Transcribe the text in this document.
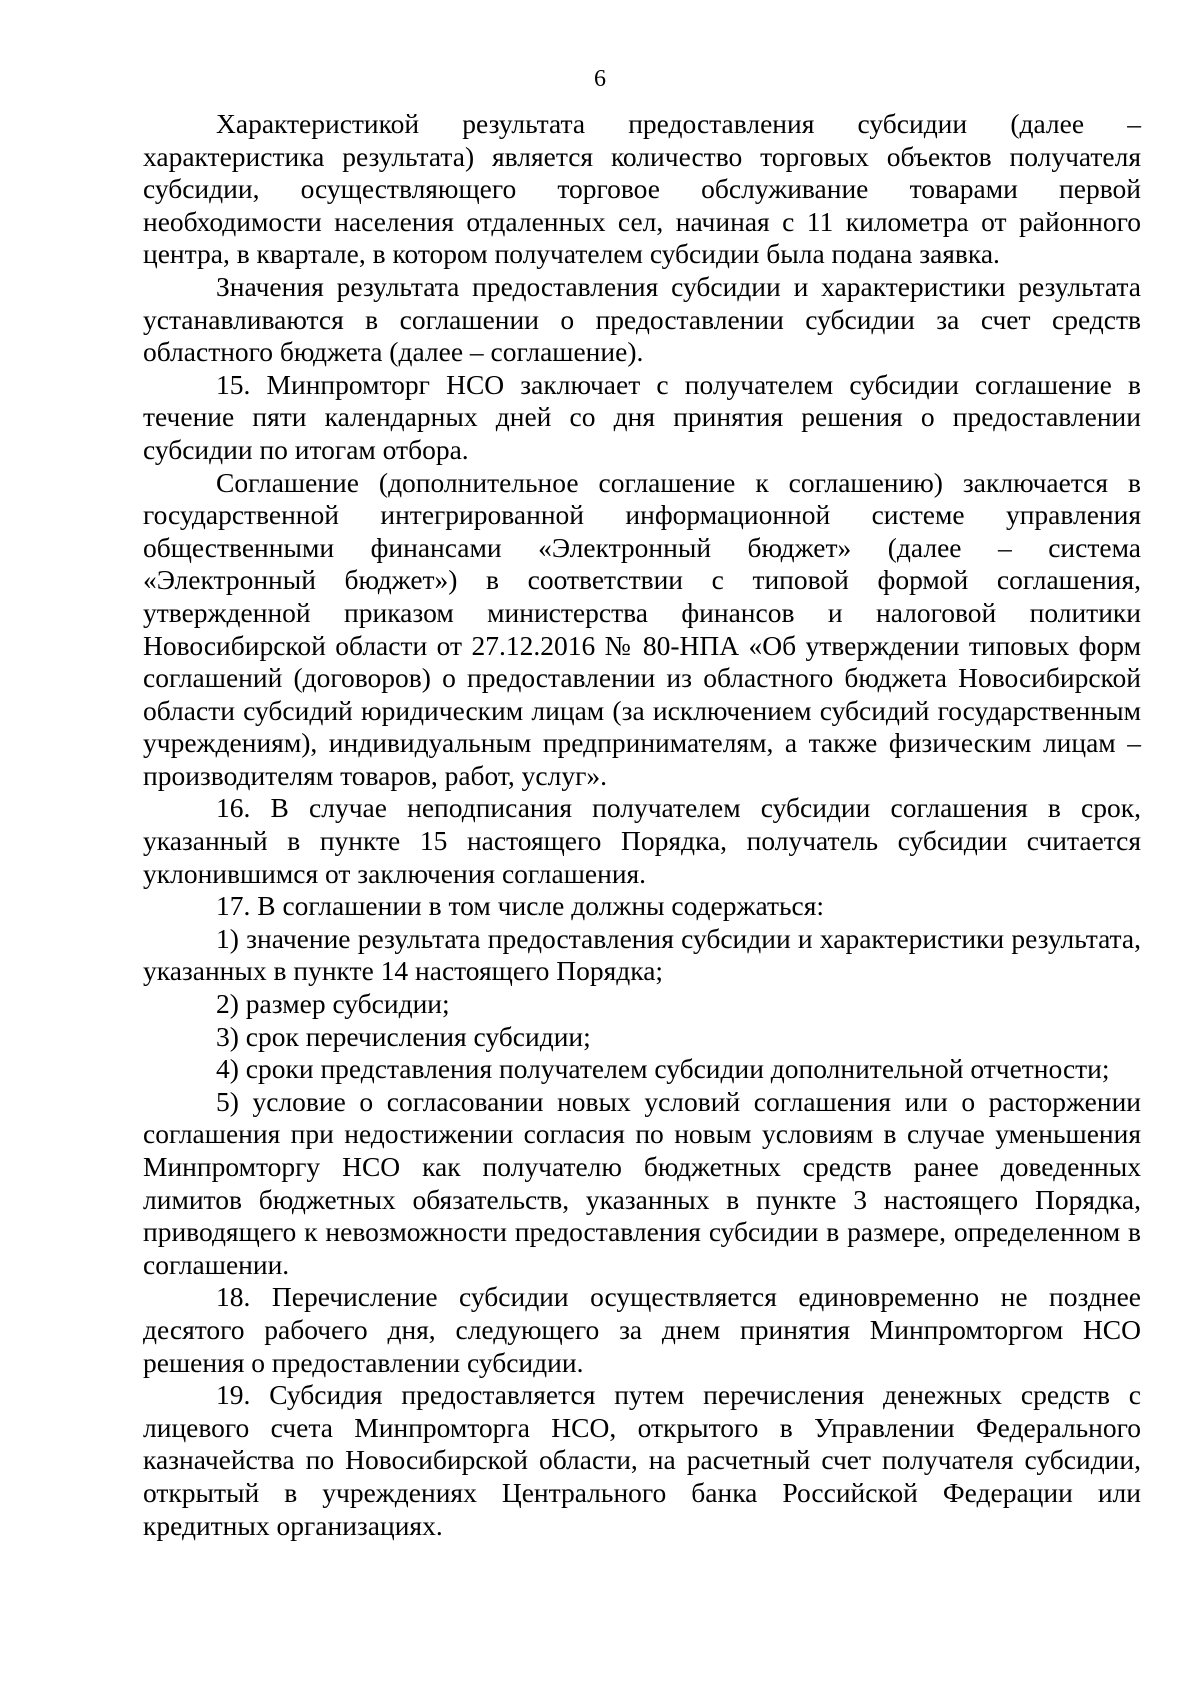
6

Характеристикой результата предоставления субсидии (далее – характеристика результата) является количество торговых объектов получателя субсидии, осуществляющего торговое обслуживание товарами первой необходимости населения отдаленных сел, начиная с 11 километра от районного центра, в квартале, в котором получателем субсидии была подана заявка.

Значения результата предоставления субсидии и характеристики результата устанавливаются в соглашении о предоставлении субсидии за счет средств областного бюджета (далее – соглашение).

15. Минпромторг НСО заключает с получателем субсидии соглашение в течение пяти календарных дней со дня принятия решения о предоставлении субсидии по итогам отбора.

Соглашение (дополнительное соглашение к соглашению) заключается в государственной интегрированной информационной системе управления общественными финансами «Электронный бюджет» (далее – система «Электронный бюджет») в соответствии с типовой формой соглашения, утвержденной приказом министерства финансов и налоговой политики Новосибирской области от 27.12.2016 № 80-НПА «Об утверждении типовых форм соглашений (договоров) о предоставлении из областного бюджета Новосибирской области субсидий юридическим лицам (за исключением субсидий государственным учреждениям), индивидуальным предпринимателям, а также физическим лицам – производителям товаров, работ, услуг».

16. В случае неподписания получателем субсидии соглашения в срок, указанный в пункте 15 настоящего Порядка, получатель субсидии считается уклонившимся от заключения соглашения.

17. В соглашении в том числе должны содержаться:

1) значение результата предоставления субсидии и характеристики результата, указанных в пункте 14 настоящего Порядка;

2) размер субсидии;

3) срок перечисления субсидии;

4) сроки представления получателем субсидии дополнительной отчетности;

5) условие о согласовании новых условий соглашения или о расторжении соглашения при недостижении согласия по новым условиям в случае уменьшения Минпромторгу НСО как получателю бюджетных средств ранее доведенных лимитов бюджетных обязательств, указанных в пункте 3 настоящего Порядка, приводящего к невозможности предоставления субсидии в размере, определенном в соглашении.

18. Перечисление субсидии осуществляется единовременно не позднее десятого рабочего дня, следующего за днем принятия Минпромторгом НСО решения о предоставлении субсидии.

19. Субсидия предоставляется путем перечисления денежных средств с лицевого счета Минпромторга НСО, открытого в Управлении Федерального казначейства по Новосибирской области, на расчетный счет получателя субсидии, открытый в учреждениях Центрального банка Российской Федерации или кредитных организациях.
